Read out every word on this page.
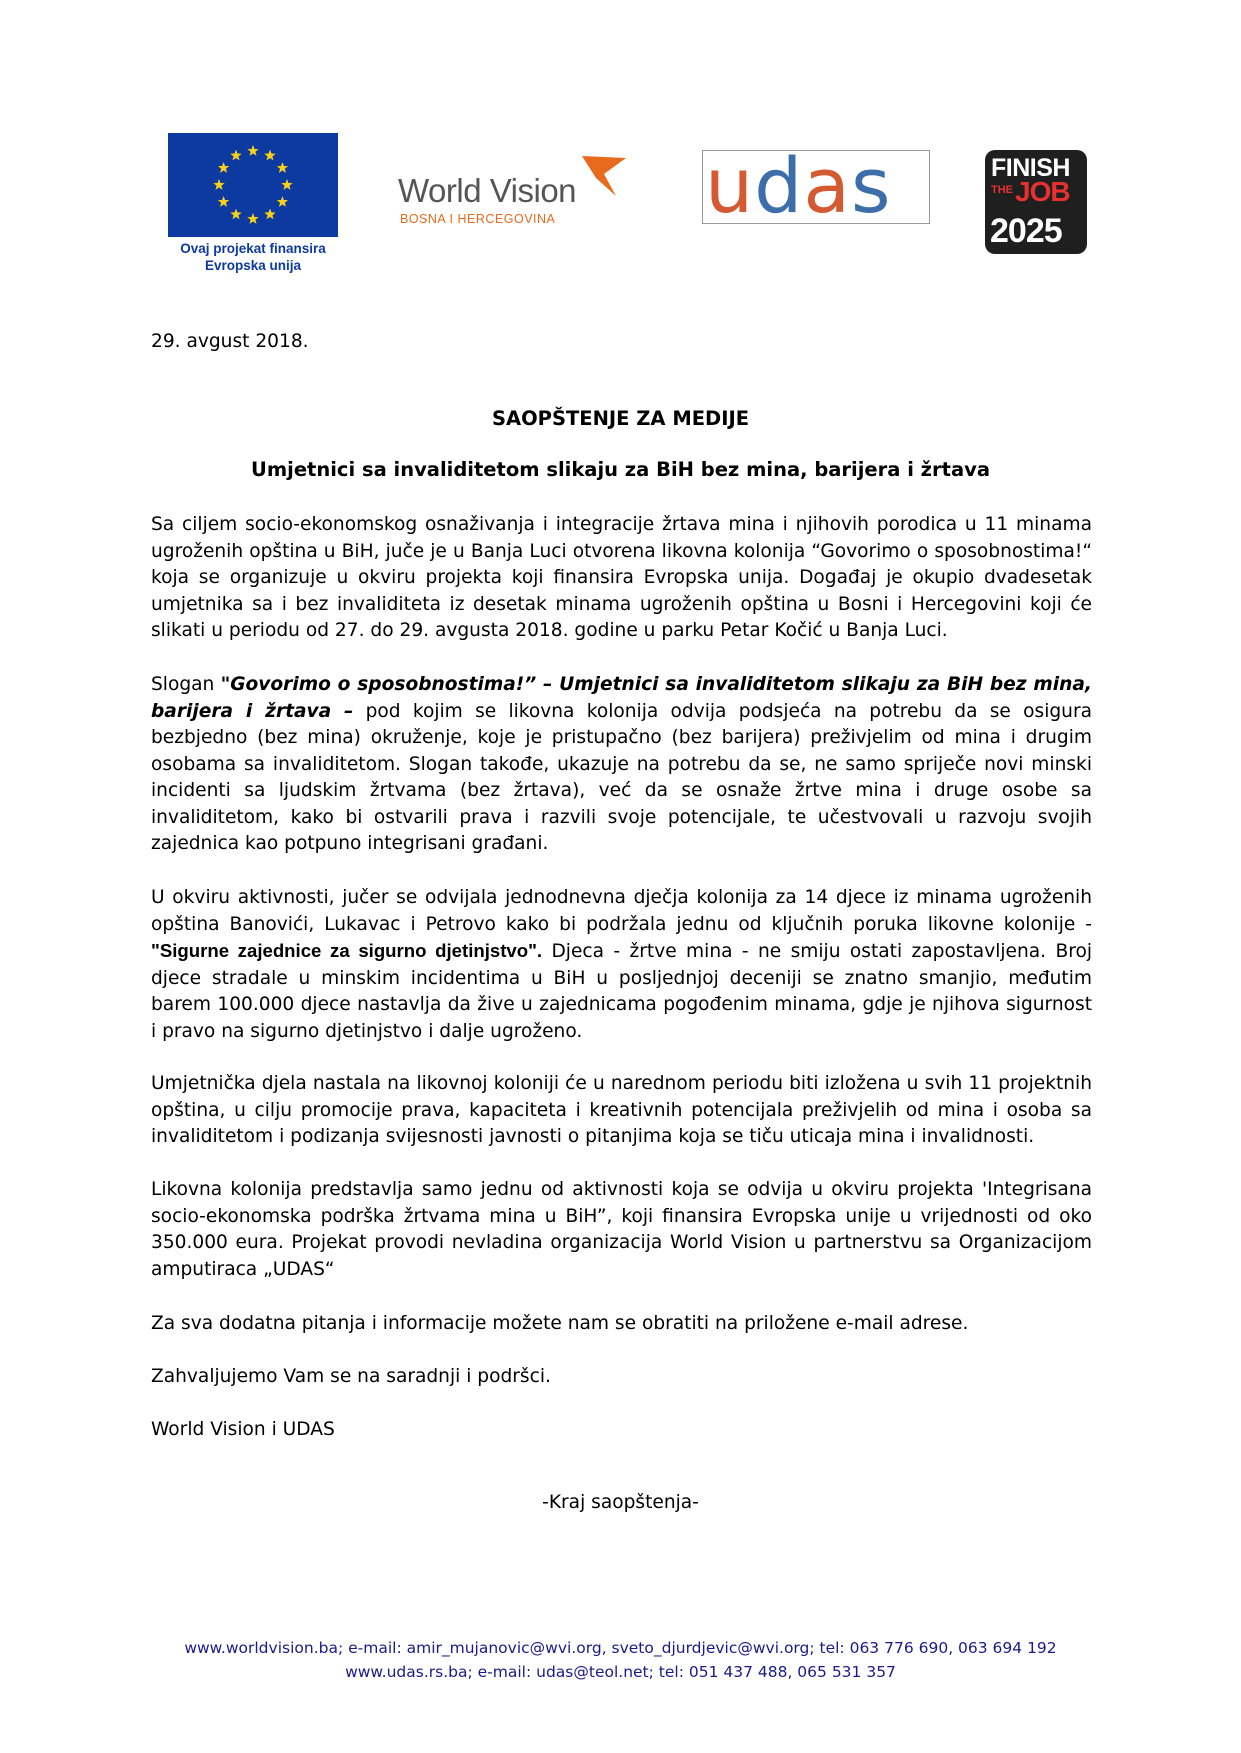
Ovaj projekat finansira
Evropska unija
World Vision
BOSNA I HERCEGOVINA udas	FINISH
THE JOB
2025
29. avgust 2018.
SAOPŠTENJE ZA MEDIJE
Umjetnici sa invaliditetom slikaju za BiH bez mina, barijera i žrtava

Sa ciljem socio-ekonomskog osnaživanja i integracije žrtava mina i njihovih porodica u 11 minama ugroženih opština u BiH, juče je u Banja Luci otvorena likovna kolonija “Govorimo o sposobnostima!“ koja se organizuje u okviru projekta koji finansira Evropska unija. Događaj je okupio dvadesetak umjetnika sa i bez invaliditeta iz desetak minama ugroženih opština u Bosni i Hercegovini koji će slikati u periodu od 27. do 29. avgusta 2018. godine u parku Petar Kočić u Banja Luci.

Slogan "Govorimo o sposobnostima!” – Umjetnici sa invaliditetom slikaju za BiH bez mina, barijera i žrtava – pod kojim se likovna kolonija odvija podsjeća na potrebu da se osigura bezbjedno (bez mina) okruženje, koje je pristupačno (bez barijera) preživjelim od mina i drugim osobama sa invaliditetom. Slogan takođe, ukazuje na potrebu da se, ne samo spriječe novi minski incidenti sa ljudskim žrtvama (bez žrtava), već da se osnaže žrtve mina i druge osobe sa invaliditetom, kako bi ostvarili prava i razvili svoje potencijale, te učestvovali u razvoju svojih zajednica kao potpuno integrisani građani.

U okviru aktivnosti, jučer se odvijala jednodnevna dječja kolonija za 14 djece iz minama ugroženih opština Banovići, Lukavac i Petrovo kako bi podržala jednu od ključnih poruka likovne kolonije - "Sigurne zajednice za sigurno djetinjstvo". Djeca - žrtve mina - ne smiju ostati zapostavljena. Broj djece stradale u minskim incidentima u BiH u posljednjoj deceniji se znatno smanjio, međutim barem 100.000 djece nastavlja da žive u zajednicama pogođenim minama, gdje je njihova sigurnost i pravo na sigurno djetinjstvo i dalje ugroženo.

Umjetnička djela nastala na likovnoj koloniji će u narednom periodu biti izložena u svih 11 projektnih opština, u cilju promocije prava, kapaciteta i kreativnih potencijala preživjelih od mina i osoba sa invaliditetom i podizanja svijesnosti javnosti o pitanjima koja se tiču uticaja mina i invalidnosti.

Likovna kolonija predstavlja samo jednu od aktivnosti koja se odvija u okviru projekta 'Integrisana socio-ekonomska podrška žrtvama mina u BiH”, koji finansira Evropska unije u vrijednosti od oko 350.000 eura. Projekat provodi nevladina organizacija World Vision u partnerstvu sa Organizacijom amputiraca „UDAS“

Za sva dodatna pitanja i informacije možete nam se obratiti na priložene e-mail adrese.

Zahvaljujemo Vam se na saradnji i podršci.

World Vision i UDAS

-Kraj saopštenja-
www.worldvision.ba; e-mail: amir_mujanovic@wvi.org, sveto_djurdjevic@wvi.org; tel: 063 776 690, 063 694 192
www.udas.rs.ba; e-mail: udas@teol.net; tel: 051 437 488, 065 531 357
